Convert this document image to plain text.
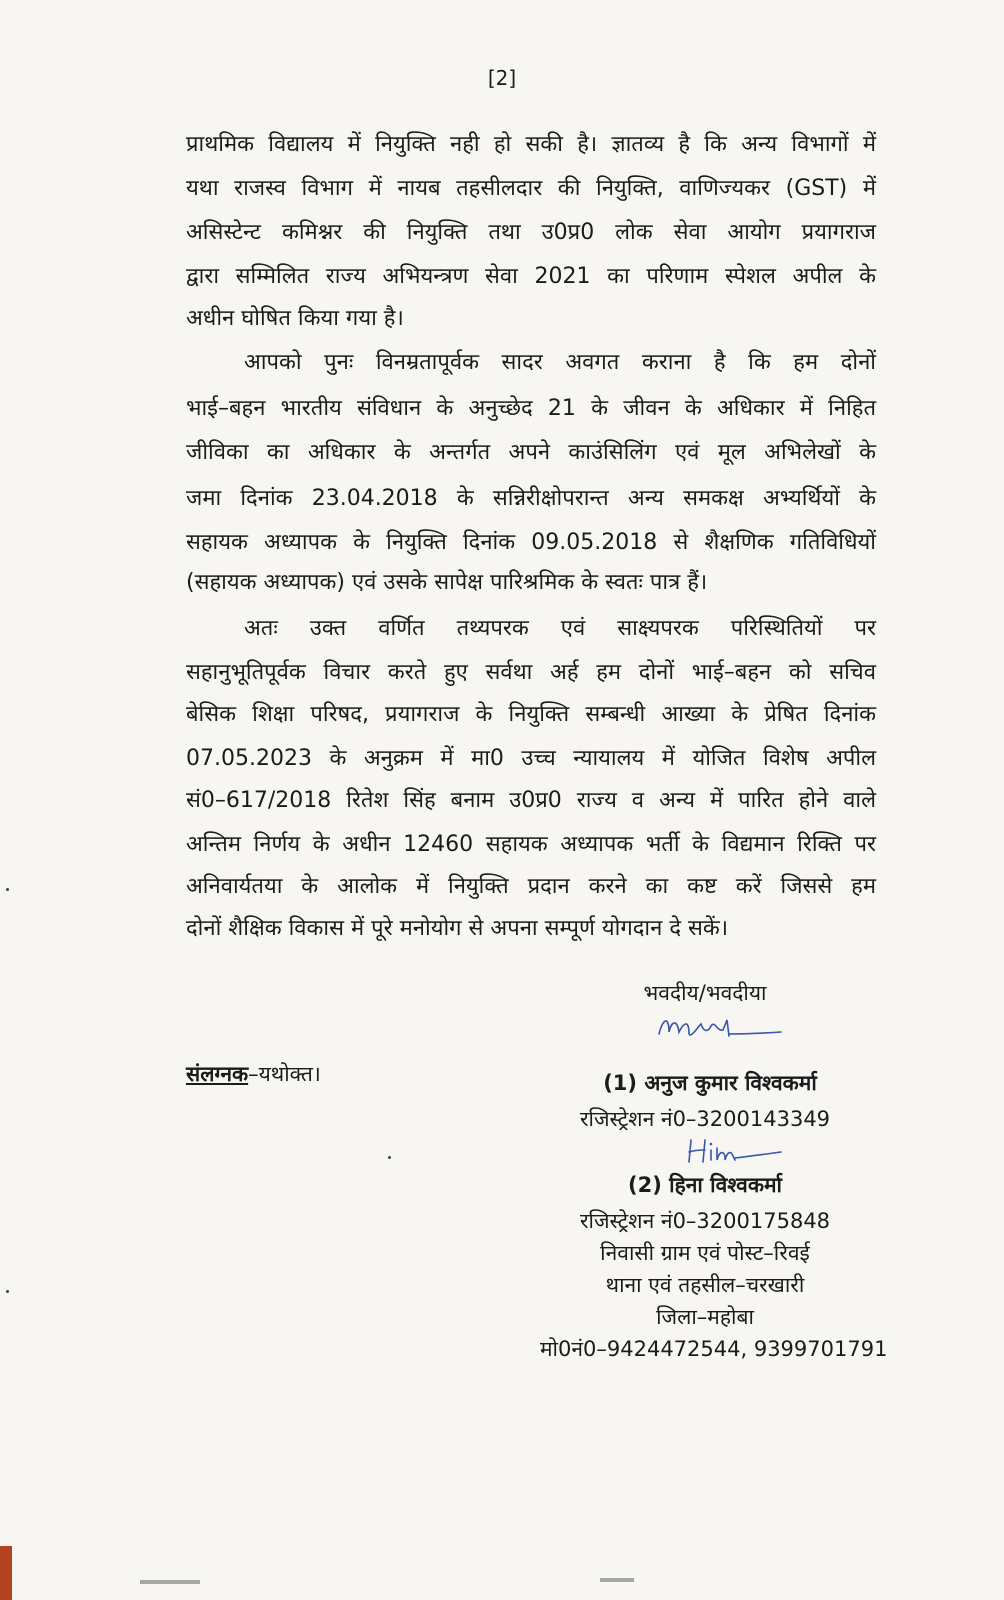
[2]
प्राथमिक विद्यालय में नियुक्ति नही हो सकी है। ज्ञातव्य है कि अन्य विभागों में
यथा राजस्व विभाग में नायब तहसीलदार की नियुक्ति, वाणिज्यकर (GST) में
असिस्टेन्ट कमिश्नर की नियुक्ति तथा उ0प्र0 लोक सेवा आयोग प्रयागराज
द्वारा सम्मिलित राज्य अभियन्त्रण सेवा 2021 का परिणाम स्पेशल अपील के
अधीन घोषित किया गया है।
आपको पुनः विनम्रतापूर्वक सादर अवगत कराना है कि हम दोनों
भाई–बहन भारतीय संविधान के अनुच्छेद 21 के जीवन के अधिकार में निहित
जीविका का अधिकार के अन्तर्गत अपने काउंसिलिंग एवं मूल अभिलेखों के
जमा दिनांक 23.04.2018 के सन्निरीक्षोपरान्त अन्य समकक्ष अभ्यर्थियों के
सहायक अध्यापक के नियुक्ति दिनांक 09.05.2018 से शैक्षणिक गतिविधियों
(सहायक अध्यापक) एवं उसके सापेक्ष पारिश्रमिक के स्वतः पात्र हैं।
अतः उक्त वर्णित तथ्यपरक एवं साक्ष्यपरक परिस्थितियों पर
सहानुभूतिपूर्वक विचार करते हुए सर्वथा अर्ह हम दोनों भाई–बहन को सचिव
बेसिक शिक्षा परिषद, प्रयागराज के नियुक्ति सम्बन्धी आख्या के प्रेषित दिनांक
07.05.2023 के अनुक्रम में मा0 उच्च न्यायालय में योजित विशेष अपील
सं0–617/2018 रितेश सिंह बनाम उ0प्र0 राज्य व अन्य में पारित होने वाले
अन्तिम निर्णय के अधीन 12460 सहायक अध्यापक भर्ती के विद्यमान रिक्ति पर
अनिवार्यतया के आलोक में नियुक्ति प्रदान करने का कष्ट करें जिससे हम
दोनों शैक्षिक विकास में पूरे मनोयोग से अपना सम्पूर्ण योगदान दे सकें।
भवदीय/भवदीया
संलग्नक–यथोक्त।	(1) अनुज कुमार विश्वकर्मा
रजिस्ट्रेशन नं0–3200143349
(2) हिना विश्वकर्मा
रजिस्ट्रेशन नं0–3200175848
निवासी ग्राम एवं पोस्ट–रिवई
थाना एवं तहसील–चरखारी
जिला–महोबा
मो0नं0–9424472544, 9399701791
